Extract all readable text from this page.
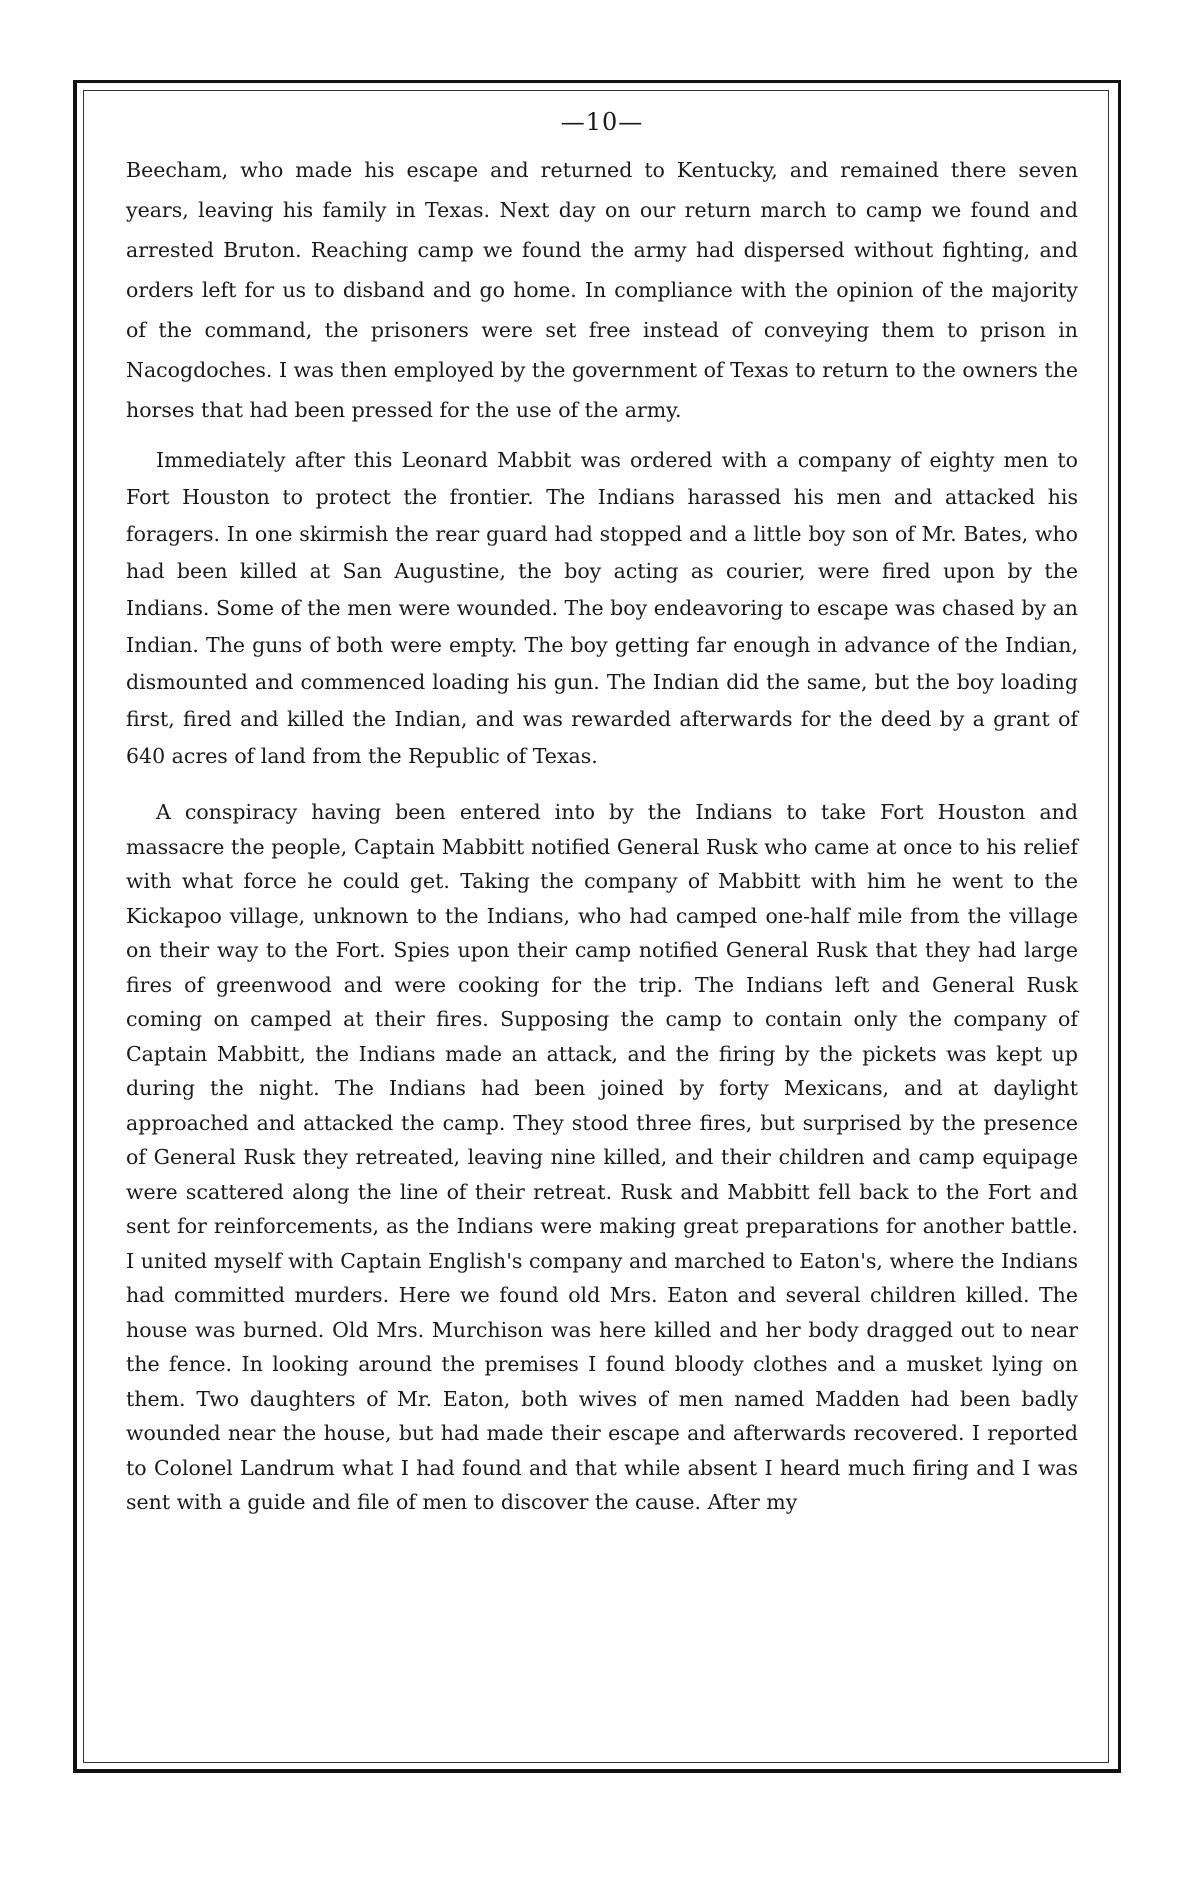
—10—

Beecham, who made his escape and returned to Kentucky, and remained there seven years, leaving his family in Texas. Next day on our return march to camp we found and arrested Bruton. Reaching camp we found the army had dispersed without fighting, and orders left for us to disband and go home. In compliance with the opinion of the majority of the command, the prisoners were set free instead of conveying them to prison in Nacogdoches. I was then employed by the government of Texas to return to the owners the horses that had been pressed for the use of the army.

Immediately after this Leonard Mabbit was ordered with a company of eighty men to Fort Houston to protect the frontier. The Indians harassed his men and attacked his foragers. In one skirmish the rear guard had stopped and a little boy son of Mr. Bates, who had been killed at San Augustine, the boy acting as courier, were fired upon by the Indians. Some of the men were wounded. The boy endeavoring to escape was chased by an Indian. The guns of both were empty. The boy getting far enough in advance of the Indian, dismounted and commenced loading his gun. The Indian did the same, but the boy loading first, fired and killed the Indian, and was rewarded afterwards for the deed by a grant of 640 acres of land from the Republic of Texas.

A conspiracy having been entered into by the Indians to take Fort Houston and massacre the people, Captain Mabbitt notified General Rusk who came at once to his relief with what force he could get. Taking the company of Mabbitt with him he went to the Kickapoo village, unknown to the Indians, who had camped one-half mile from the village on their way to the Fort. Spies upon their camp notified General Rusk that they had large fires of greenwood and were cooking for the trip. The Indians left and General Rusk coming on camped at their fires. Supposing the camp to contain only the company of Captain Mabbitt, the Indians made an attack, and the firing by the pickets was kept up during the night. The Indians had been joined by forty Mexicans, and at daylight approached and attacked the camp. They stood three fires, but surprised by the presence of General Rusk they retreated, leaving nine killed, and their children and camp equipage were scattered along the line of their retreat. Rusk and Mabbitt fell back to the Fort and sent for reinforcements, as the Indians were making great preparations for another battle. I united myself with Captain English's company and marched to Eaton's, where the Indians had committed murders. Here we found old Mrs. Eaton and several children killed. The house was burned. Old Mrs. Murchison was here killed and her body dragged out to near the fence. In looking around the premises I found bloody clothes and a musket lying on them. Two daughters of Mr. Eaton, both wives of men named Madden had been badly wounded near the house, but had made their escape and afterwards recovered. I reported to Colonel Landrum what I had found and that while absent I heard much firing and I was sent with a guide and file of men to discover the cause. After my
